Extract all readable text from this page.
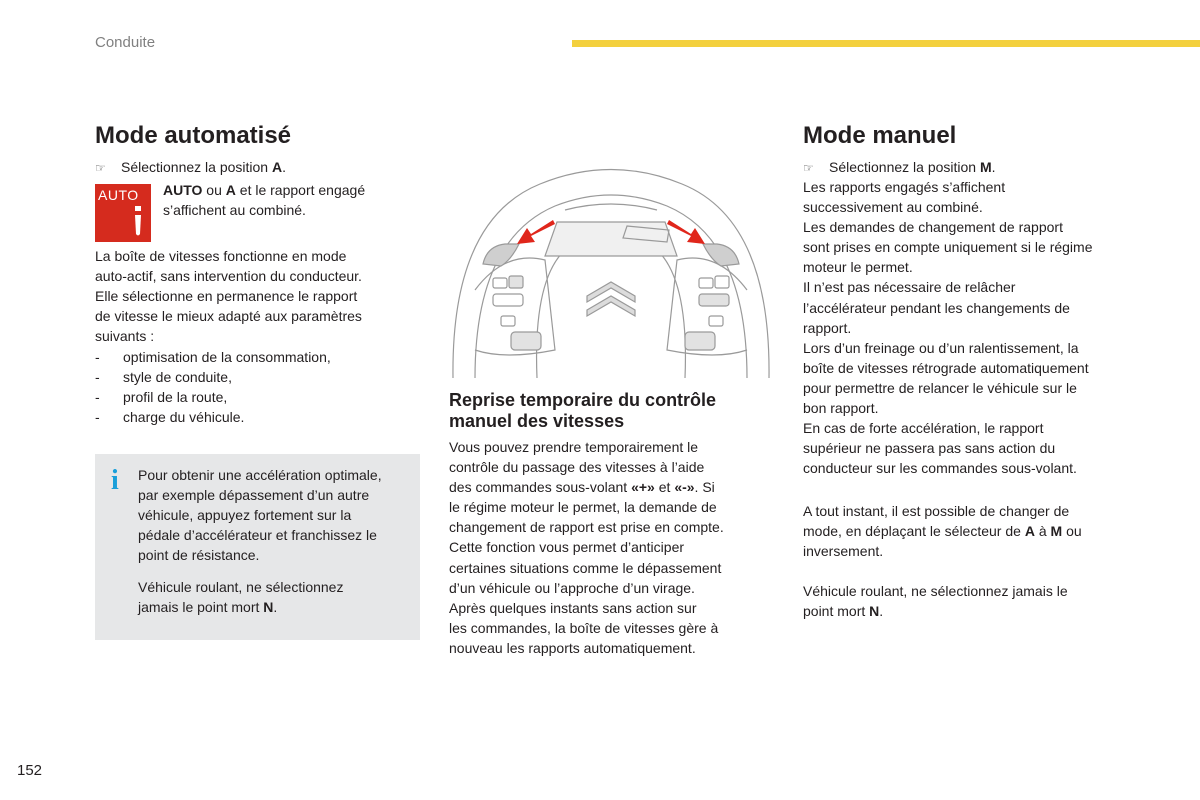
Conduite
Mode automatisé
☞ Sélectionnez la position A.
AUTO AUTO ou A et le rapport engagé
s’affichent au combiné.
La boîte de vitesses fonctionne en mode
auto-actif, sans intervention du conducteur.
Elle sélectionne en permanence le rapport
de vitesse le mieux adapté aux paramètres
suivants :
- optimisation de la consommation,
- style de conduite,
- profil de la route,
- charge du véhicule.
i Pour obtenir une accélération optimale,
par exemple dépassement d’un autre
véhicule, appuyez fortement sur la
pédale d’accélérateur et franchissez le
point de résistance.
Véhicule roulant, ne sélectionnez
jamais le point mort N.
Reprise temporaire du contrôle
manuel des vitesses
Vous pouvez prendre temporairement le
contrôle du passage des vitesses à l’aide
des commandes sous-volant «+» et «-». Si
le régime moteur le permet, la demande de
changement de rapport est prise en compte.
Cette fonction vous permet d’anticiper
certaines situations comme le dépassement
d’un véhicule ou l’approche d’un virage.
Après quelques instants sans action sur
les commandes, la boîte de vitesses gère à
nouveau les rapports automatiquement.
Mode manuel
☞ Sélectionnez la position M.
Les rapports engagés s’affichent
successivement au combiné.
Les demandes de changement de rapport
sont prises en compte uniquement si le régime
moteur le permet.
Il n’est pas nécessaire de relâcher
l’accélérateur pendant les changements de
rapport.
Lors d’un freinage ou d’un ralentissement, la
boîte de vitesses rétrograde automatiquement
pour permettre de relancer le véhicule sur le
bon rapport.
En cas de forte accélération, le rapport
supérieur ne passera pas sans action du
conducteur sur les commandes sous-volant.
A tout instant, il est possible de changer de
mode, en déplaçant le sélecteur de A à M ou
inversement.
Véhicule roulant, ne sélectionnez jamais le
point mort N.
152
